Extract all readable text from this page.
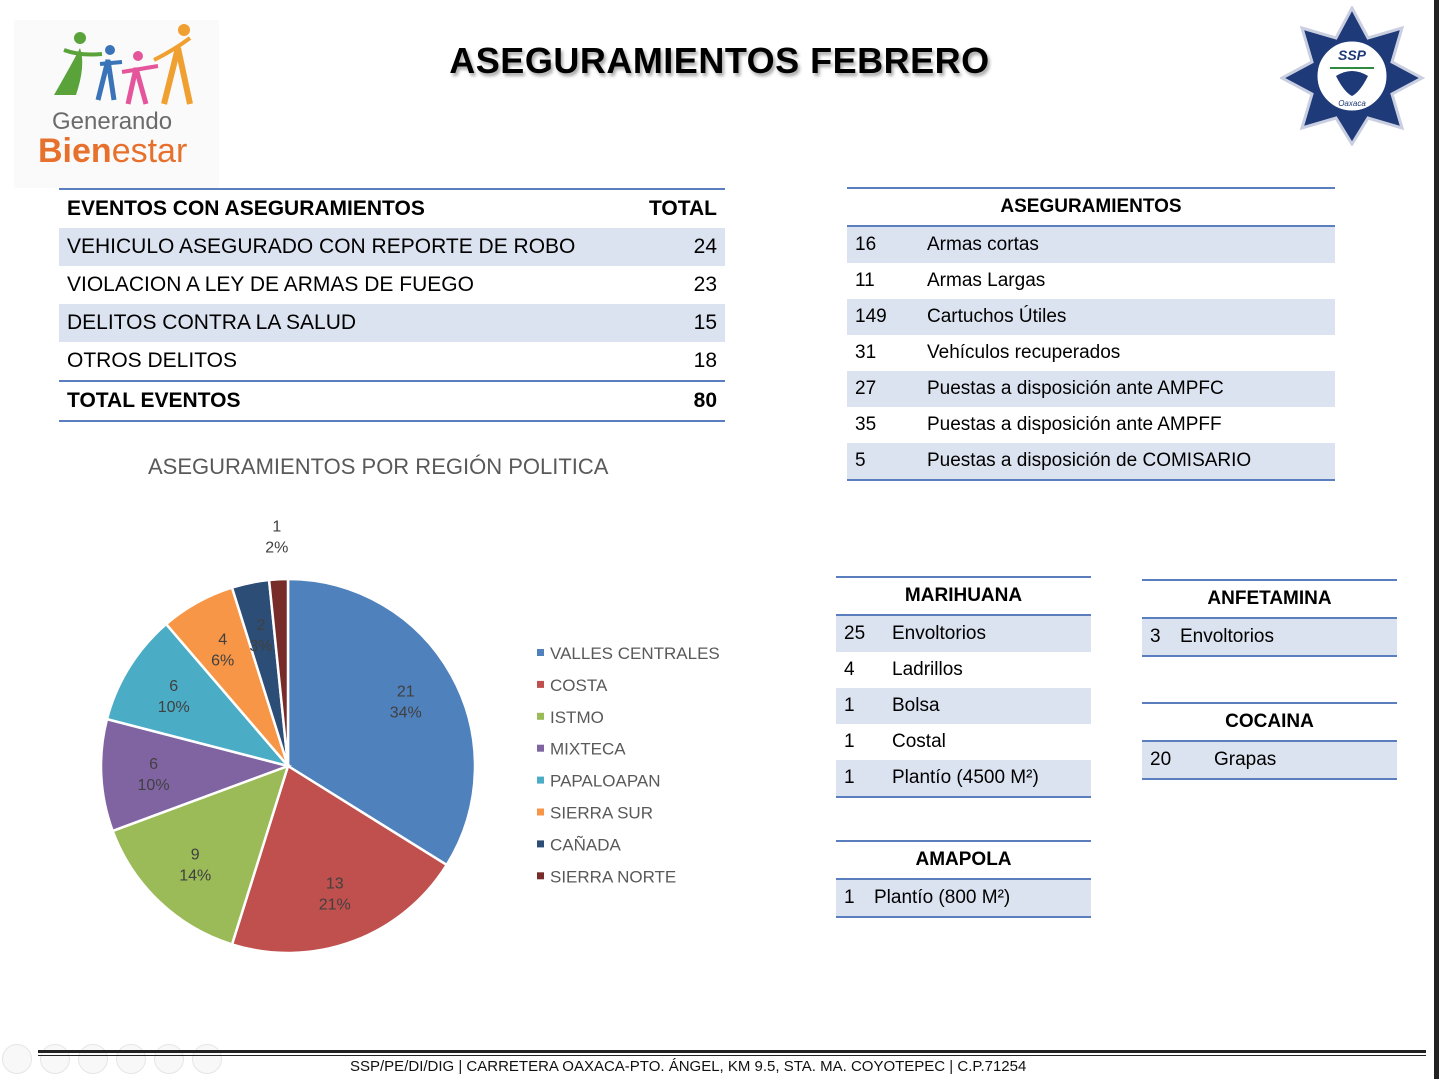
Generando
Bienestar
ASEGURAMIENTOS FEBRERO	SSP
Oaxaca
EVENTOS CON ASEGURAMIENTOS	TOTAL
VEHICULO ASEGURADO CON REPORTE DE ROBO	24
VIOLACION A LEY DE ARMAS DE FUEGO	23
DELITOS CONTRA LA SALUD	15
OTROS DELITOS	18
TOTAL EVENTOS	80
ASEGURAMIENTOS	
16	Armas cortas
11	Armas Largas
149	Cartuchos Útiles
31	Vehículos recuperados
27	Puestas a disposición ante AMPFC
35	Puestas a disposición ante AMPFF
5	Puestas a disposición de COMISARIO
MARIHUANA	
25	Envoltorios
4	Ladrillos
1	Bolsa
1	Costal
1	Plantío (4500 M²)
AMAPOLA
1	Plantío (800 M²)
ANFETAMINA
3	Envoltorios
COCAINA
20	Grapas
ASEGURAMIENTOS POR REGIÓN POLITICA
21
34%
13
21%
9
14%
6
10%
6
10%
4
6%
2
3%
1
2%
VALLES CENTRALES
COSTA
ISTMO
MIXTECA
PAPALOAPAN
SIERRA SUR
CAÑADA
SIERRA NORTE
SSP/PE/DI/DIG | CARRETERA OAXACA-PTO. ÁNGEL, KM 9.5, STA. MA. COYOTEPEC | C.P.71254
